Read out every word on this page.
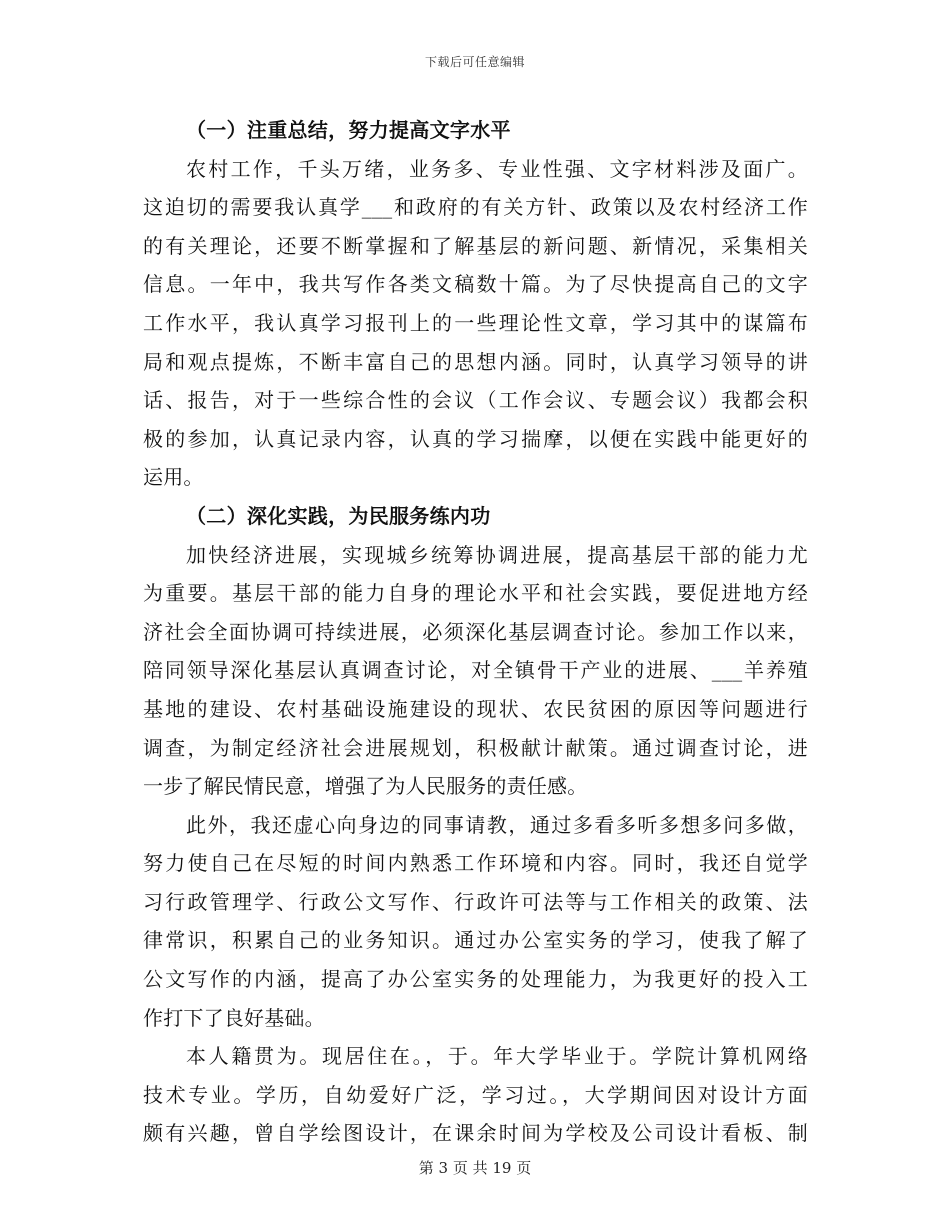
下载后可任意编辑
（一）注重总结，努力提高文字水平
农村工作，千头万绪，业务多、专业性强、文字材料涉及面广。
这迫切的需要我认真学___和政府的有关方针、政策以及农村经济工作
的有关理论，还要不断掌握和了解基层的新问题、新情况，采集相关
信息。一年中，我共写作各类文稿数十篇。为了尽快提高自己的文字
工作水平，我认真学习报刊上的一些理论性文章，学习其中的谋篇布
局和观点提炼，不断丰富自己的思想内涵。同时，认真学习领导的讲
话、报告，对于一些综合性的会议（工作会议、专题会议）我都会积
极的参加，认真记录内容，认真的学习揣摩，以便在实践中能更好的
运用。
（二）深化实践，为民服务练内功
加快经济进展，实现城乡统筹协调进展，提高基层干部的能力尤
为重要。基层干部的能力自身的理论水平和社会实践，要促进地方经
济社会全面协调可持续进展，必须深化基层调查讨论。参加工作以来，
陪同领导深化基层认真调查讨论，对全镇骨干产业的进展、___羊养殖
基地的建设、农村基础设施建设的现状、农民贫困的原因等问题进行
调查，为制定经济社会进展规划，积极献计献策。通过调查讨论，进
一步了解民情民意，增强了为人民服务的责任感。
此外，我还虚心向身边的同事请教，通过多看多听多想多问多做，
努力使自己在尽短的时间内熟悉工作环境和内容。同时，我还自觉学
习行政管理学、行政公文写作、行政许可法等与工作相关的政策、法
律常识，积累自己的业务知识。通过办公室实务的学习，使我了解了
公文写作的内涵，提高了办公室实务的处理能力，为我更好的投入工
作打下了良好基础。
本人籍贯为。现居住在。，于。年大学毕业于。学院计算机网络
技术专业。学历，自幼爱好广泛，学习过。，大学期间因对设计方面
颇有兴趣，曾自学绘图设计，在课余时间为学校及公司设计看板、制
第 3 页 共 19 页
